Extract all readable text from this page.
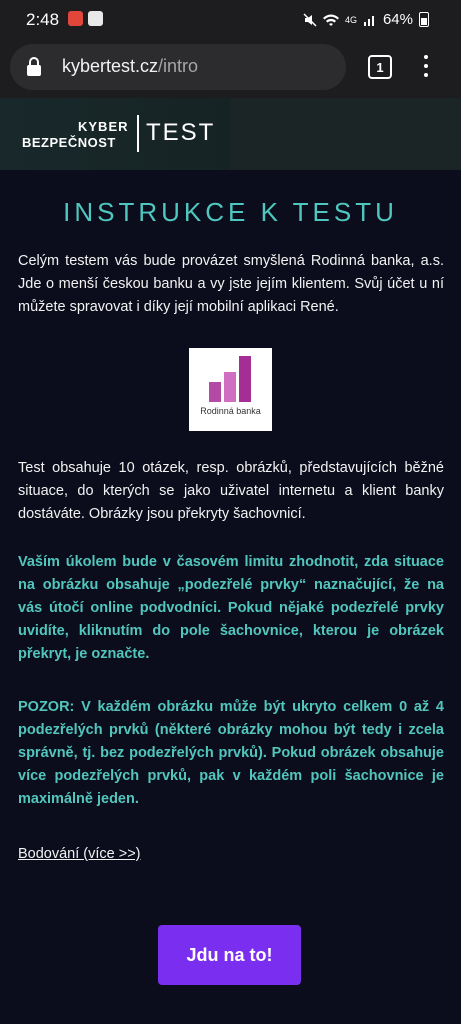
2:48	4G 64%
kybertest.cz/intro	1
KYBER
BEZPEČNOST TEST
INSTRUKCE K TESTU

Celým testem vás bude provázet smyšlená Rodinná banka, a.s. Jde o menší českou banku a vy jste jejím klientem. Svůj účet u ní můžete spravovat i díky její mobilní aplikaci René.

Rodinná banka

Test obsahuje 10 otázek, resp. obrázků, představujících běžné situace, do kterých se jako uživatel internetu a klient banky dostáváte. Obrázky jsou překryty šachovnicí.

Vaším úkolem bude v časovém limitu zhodnotit, zda situace na obrázku obsahuje „podezřelé prvky“ naznačující, že na vás útočí online podvodníci. Pokud nějaké podezřelé prvky uvidíte, kliknutím do pole šachovnice, kterou je obrázek překryt, je označte.

POZOR: V každém obrázku může být ukryto celkem 0 až 4 podezřelých prvků (některé obrázky mohou být tedy i zcela správně, tj. bez podezřelých prvků). Pokud obrázek obsahuje více podezřelých prvků, pak v každém poli šachovnice je maximálně jeden.

Bodování (více >>)
Jdu na to!
